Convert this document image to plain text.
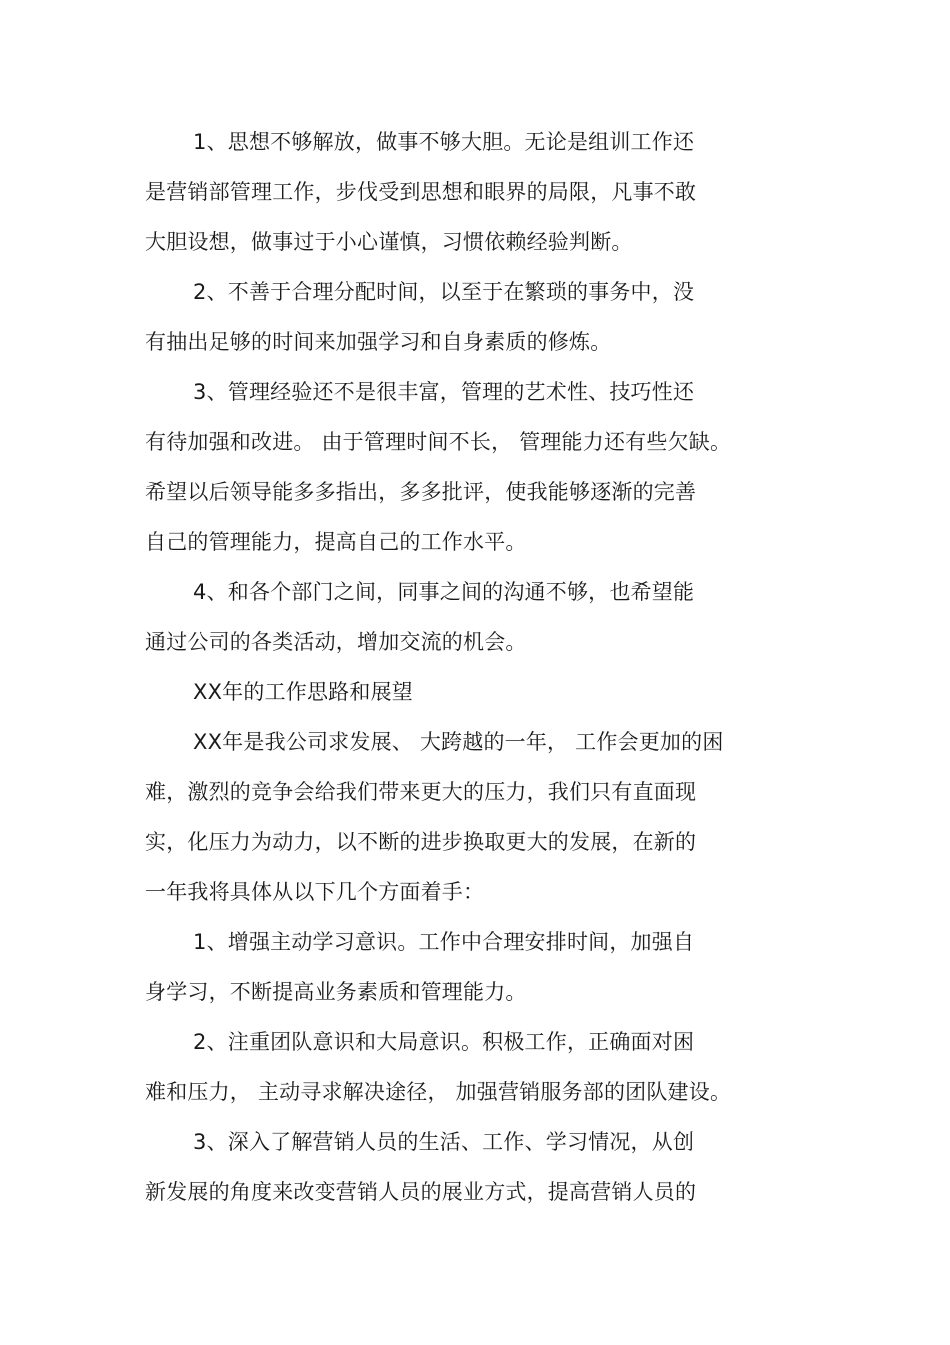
1、思想不够解放，做事不够大胆。无论是组训工作还
是营销部管理工作，步伐受到思想和眼界的局限，凡事不敢
大胆设想，做事过于小心谨慎，习惯依赖经验判断。
2、不善于合理分配时间，以至于在繁琐的事务中，没
有抽出足够的时间来加强学习和自身素质的修炼。
3、管理经验还不是很丰富，管理的艺术性、技巧性还
有待加强和改进。 由于管理时间不长， 管理能力还有些欠缺。
希望以后领导能多多指出，多多批评，使我能够逐渐的完善
自己的管理能力，提高自己的工作水平。
4、和各个部门之间，同事之间的沟通不够，也希望能
通过公司的各类活动，增加交流的机会。
XX年的工作思路和展望
XX年是我公司求发展、 大跨越的一年， 工作会更加的困
难，激烈的竞争会给我们带来更大的压力，我们只有直面现
实，化压力为动力，以不断的进步换取更大的发展，在新的
一年我将具体从以下几个方面着手：
1、增强主动学习意识。工作中合理安排时间，加强自
身学习，不断提高业务素质和管理能力。
2、注重团队意识和大局意识。积极工作，正确面对困
难和压力， 主动寻求解决途径， 加强营销服务部的团队建设。
3、深入了解营销人员的生活、工作、学习情况，从创
新发展的角度来改变营销人员的展业方式，提高营销人员的
